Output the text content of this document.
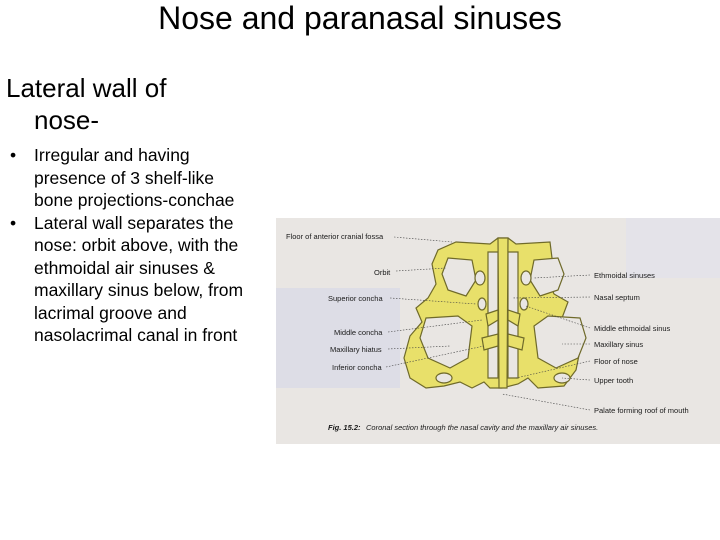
Nose and paranasal sinuses
Lateral wall of
nose-
• Irregular and having presence of 3 shelf-like bone projections-conchae
• Lateral wall separates the nose: orbit above, with the ethmoidal air sinuses & maxillary sinus below, from lacrimal groove and nasolacrimal canal in front
Floor of anterior cranial fossa
Orbit
Superior concha
Middle concha
Maxillary hiatus
Inferior concha
Ethmoidal sinuses
Nasal septum
Middle ethmoidal sinus
Maxillary sinus
Floor of nose
Upper tooth
Palate forming roof of mouth
Fig. 15.2: Coronal section through the nasal cavity and the maxillary air sinuses.
